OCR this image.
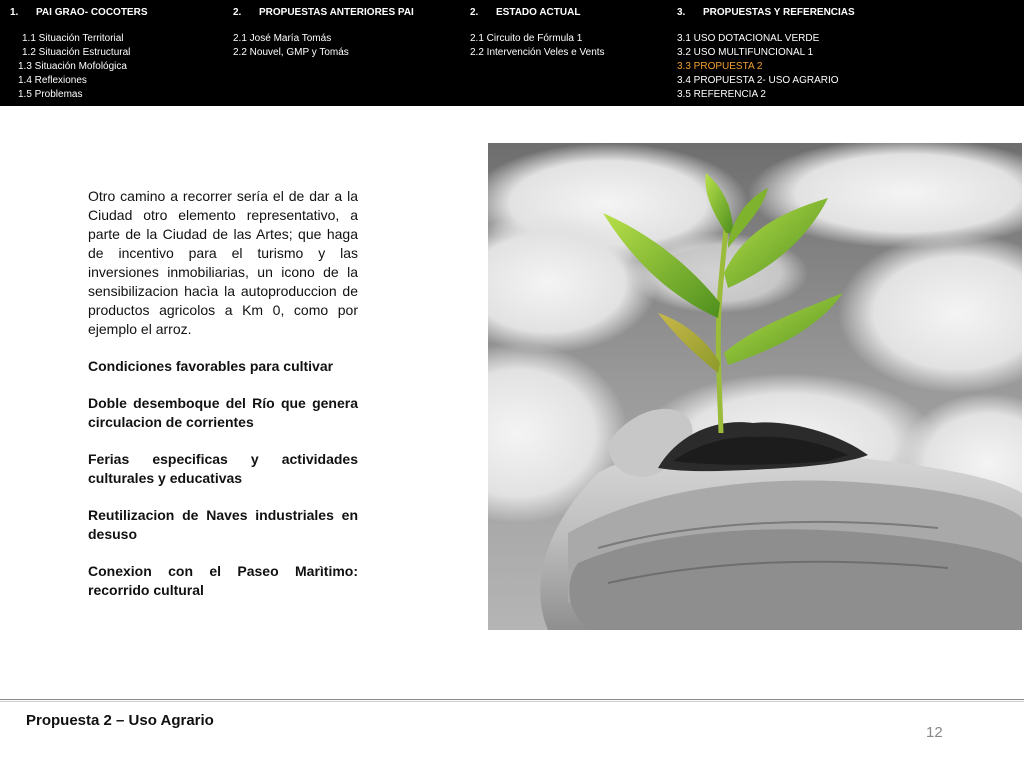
1. PAI GRAO- COCOTERS
1.1 Situación Territorial
1.2 Situación Estructural
1.3 Situación Mofológica
1.4 Reflexiones
1.5 Problemas
2. PROPUESTAS ANTERIORES PAI
2.1 José María Tomás
2.2 Nouvel, GMP y Tomás
2. ESTADO ACTUAL
2.1 Circuito de Fórmula 1
2.2 Intervención Veles e Vents
3. PROPUESTAS Y REFERENCIAS
3.1 USO DOTACIONAL VERDE
3.2 USO MULTIFUNCIONAL 1
3.3 PROPUESTA 2
3.4 PROPUESTA 2- USO AGRARIO
3.5 REFERENCIA 2

Otro camino a recorrer sería el de dar a la Ciudad otro elemento representativo, a parte de la Ciudad de las Artes; que haga de incentivo para el turismo y las inversiones inmobiliarias, un icono de la sensibilizacion hacìa la autoproduccion de productos agricolos a Km 0, como por ejemplo el arroz.

Condiciones favorables para cultivar

Doble desemboque del Río que genera circulacion de corrientes

Ferias especificas y actividades culturales y educativas

Reutilizacion de Naves industriales en desuso

Conexion con el Paseo Marìtimo: recorrido cultural

Propuesta 2 – Uso Agrario
12
